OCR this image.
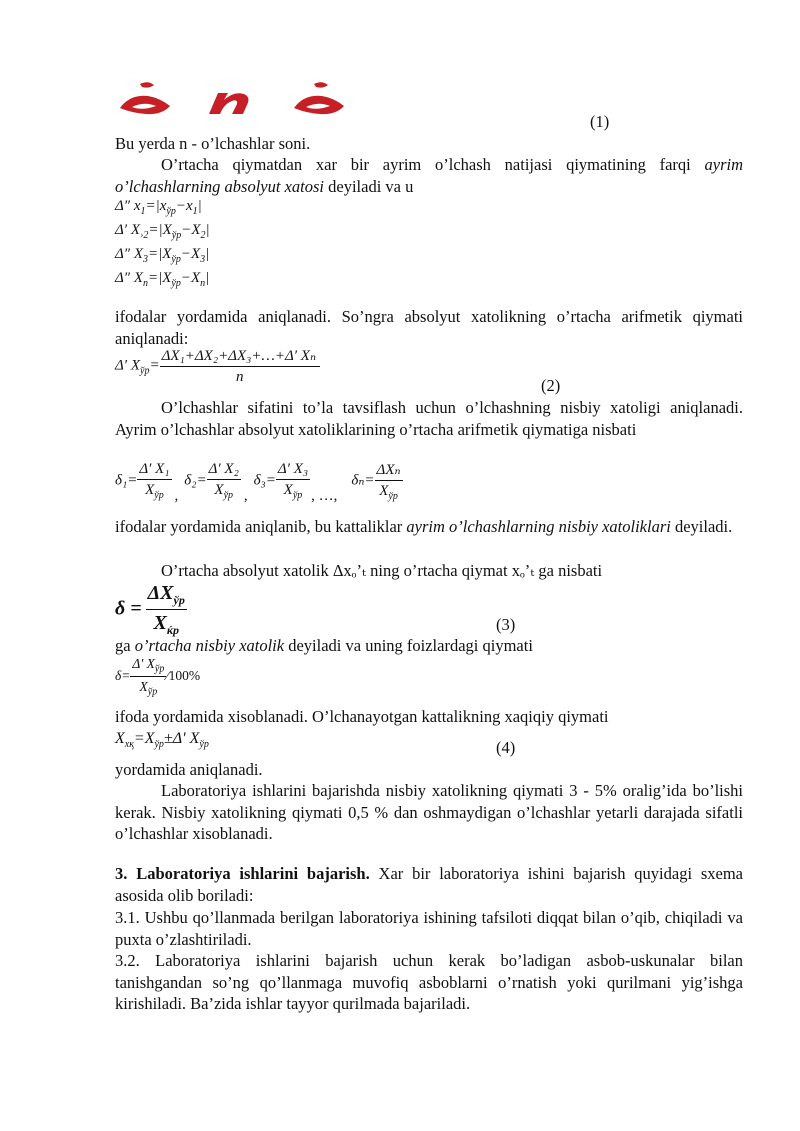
ž n ž
(1)
(2)
(3)
(4)

Bu yerda n - o’lchashlar soni.

O’rtacha qiymatdan xar bir ayrim o’lchash natijasi qiymatining farqi ayrim o’lchashlarning absolyut xatosi deyiladi va u

Δ″ $x_1=|x_{ўр}-x_1|$
Δ′ $X_{›2}=|X_{ўр}-X_2|$
Δ″ $X_3=|X_{ўр}-X_3|$
Δ″ $X_n=|X_{ўр}-X_n|$

ifodalar yordamida aniqlanadi. So’ngra absolyut xatolikning o’rtacha arifmetik qiymati aniqlanadi:

Δ′ $X_{ўр}= \frac{\text{ΔX₁+ΔX₂+ΔX₃+…+Δ′ Xₙ}}{n}$

O’lchashlar sifatini to’la tavsiflash uchun o’lchashning nisbiy xatoligi aniqlanadi. Ayrim o’lchashlar absolyut xatoliklarining o’rtacha arifmetik qiymatiga nisbati

$\delta_1= \frac{\text{Δ′ X₁}}{X_{ўр}} ,\delta_2= \frac{\text{Δ′ X₂}}{X_{ўр}} ,\delta_3= \frac{\text{Δ′ X₃}}{X_{ўр}}$ , …,δₙ= $\frac{\text{ΔXₙ}}{X_{ўр}}$

ifodalar yordamida aniqlanib, bu kattaliklar ayrim o’lchashlarning nisbiy xatoliklari deyiladi.

O’rtacha absolyut xatolik Δxₒ’ₜ ning o’rtacha qiymat xₒ’ₜ ga nisbati

$\delta = \frac{\Delta X_{ўр}}{X_{ќр}}$

ga o’rtacha nisbiy xatolik deyiladi va uning foizlardagi qiymati

$\delta= \frac{\Delta' X_{ўр}}{X_{ўр}}$ ⁄100%

ifoda yordamida xisoblanadi. O’lchanayotgan kattalikning xaqiqiy qiymati

$X_{хқ}=X_{ўр}\pm\Delta'$ $X_{ўр}$

yordamida aniqlanadi.

Laboratoriya ishlarini bajarishda nisbiy xatolikning qiymati 3 - 5% oralig’ida bo’lishi kerak. Nisbiy xatolikning qiymati 0,5 % dan oshmaydigan o’lchashlar yetarli darajada sifatli o’lchashlar xisoblanadi.

3. Laboratoriya ishlarini bajarish. Xar bir laboratoriya ishini bajarish quyidagi sxema asosida olib boriladi:

3.1. Ushbu qo’llanmada berilgan laboratoriya ishining tafsiloti diqqat bilan o’qib, chiqiladi va puxta o’zlashtiriladi.

3.2. Laboratoriya ishlarini bajarish uchun kerak bo’ladigan asbob-uskunalar bilan tanishgandan so’ng qo’llanmaga muvofiq asboblarni o’rnatish yoki qurilmani yig’ishga kirishiladi. Ba’zida ishlar tayyor qurilmada bajariladi.
